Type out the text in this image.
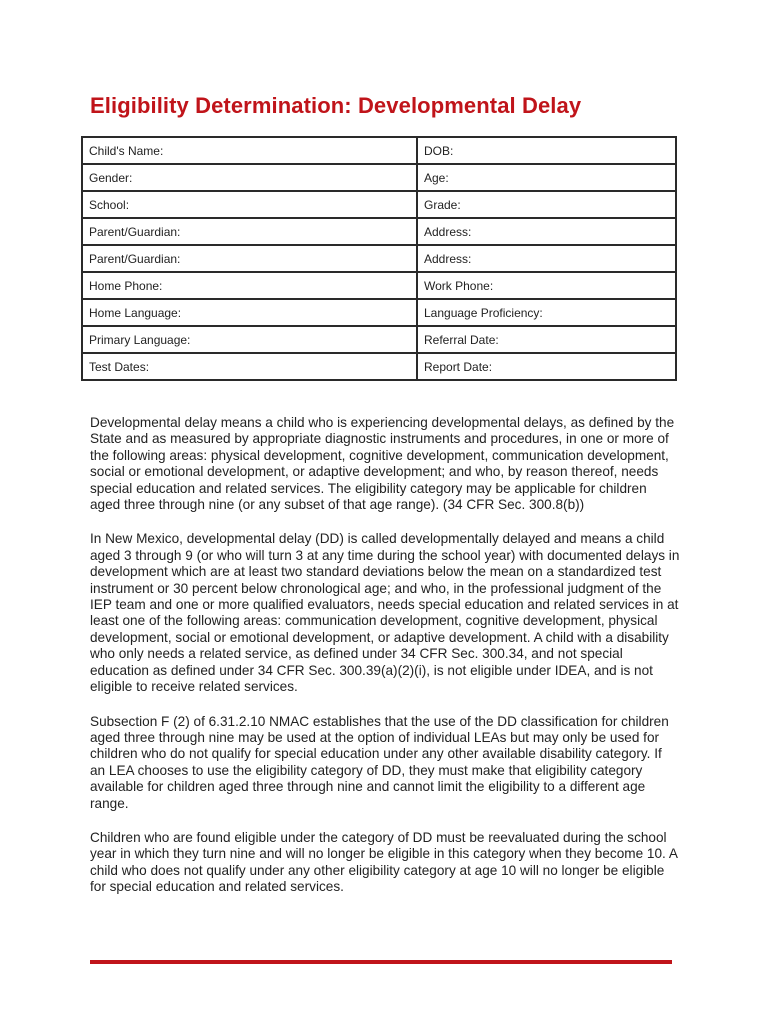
Eligibility Determination: Developmental Delay
Child's Name:	DOB:
Gender:	Age:
School:	Grade:
Parent/Guardian:	Address:
Parent/Guardian:	Address:
Home Phone:	Work Phone:
Home Language:	Language Proficiency:
Primary Language:	Referral Date:
Test Dates:	Report Date:

Developmental delay means a child who is experiencing developmental delays, as defined by the State and as measured by appropriate diagnostic instruments and procedures, in one or more of the following areas: physical development, cognitive development, communication development, social or emotional development, or adaptive development; and who, by reason thereof, needs special education and related services. The eligibility category may be applicable for children aged three through nine (or any subset of that age range). (34 CFR Sec. 300.8(b))

In New Mexico, developmental delay (DD) is called developmentally delayed and means a child aged 3 through 9 (or who will turn 3 at any time during the school year) with documented delays in development which are at least two standard deviations below the mean on a standardized test instrument or 30 percent below chronological age; and who, in the professional judgment of the IEP team and one or more qualified evaluators, needs special education and related services in at least one of the following areas: communication development, cognitive development, physical development, social or emotional development, or adaptive development. A child with a disability who only needs a related service, as defined under 34 CFR Sec. 300.34, and not special education as defined under 34 CFR Sec. 300.39(a)(2)(i), is not eligible under IDEA, and is not eligible to receive related services.

Subsection F (2) of 6.31.2.10 NMAC establishes that the use of the DD classification for children aged three through nine may be used at the option of individual LEAs but may only be used for children who do not qualify for special education under any other available disability category. If an LEA chooses to use the eligibility category of DD, they must make that eligibility category available for children aged three through nine and cannot limit the eligibility to a different age range.

Children who are found eligible under the category of DD must be reevaluated during the school year in which they turn nine and will no longer be eligible in this category when they become 10. A child who does not qualify under any other eligibility category at age 10 will no longer be eligible for special education and related services.
